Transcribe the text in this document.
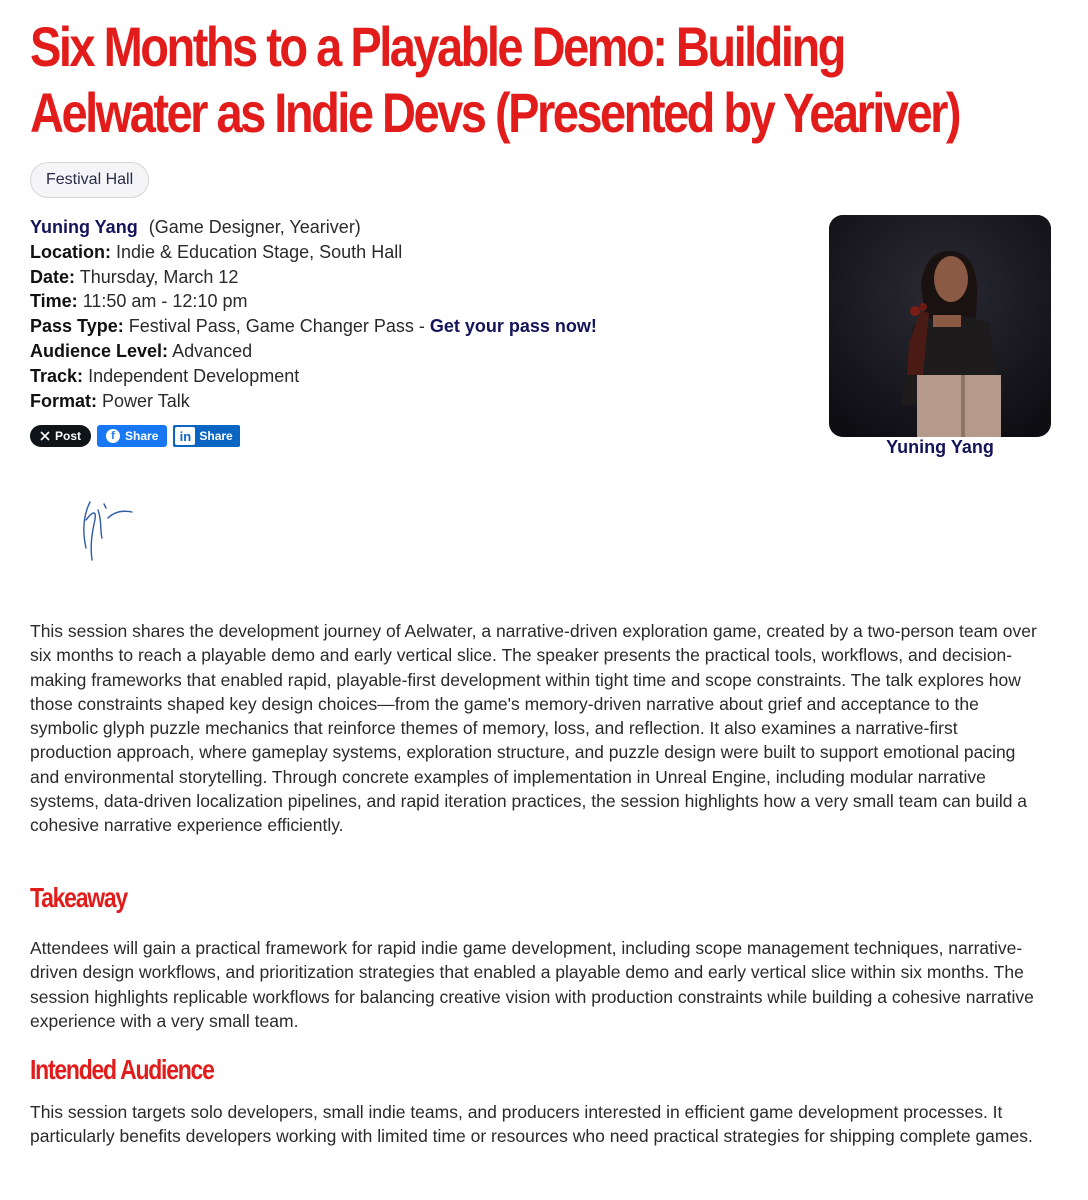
Six Months to a Playable Demo: Building Aelwater as Indie Devs (Presented by Yeariver)
Festival Hall
Yuning Yang (Game Designer, Yeariver)
Location: Indie & Education Stage, South Hall
Date: Thursday, March 12
Time: 11:50 am - 12:10 pm
Pass Type: Festival Pass, Game Changer Pass - Get your pass now!
Audience Level: Advanced
Track: Independent Development
Format: Power Talk
Post	f Share	in Share
Yuning Yang
This session shares the development journey of Aelwater, a narrative-driven exploration game, created by a two-person team over six months to reach a playable demo and early vertical slice. The speaker presents the practical tools, workflows, and decision-making frameworks that enabled rapid, playable-first development within tight time and scope constraints. The talk explores how those constraints shaped key design choices—from the game's memory-driven narrative about grief and acceptance to the symbolic glyph puzzle mechanics that reinforce themes of memory, loss, and reflection. It also examines a narrative-first production approach, where gameplay systems, exploration structure, and puzzle design were built to support emotional pacing and environmental storytelling. Through concrete examples of implementation in Unreal Engine, including modular narrative systems, data-driven localization pipelines, and rapid iteration practices, the session highlights how a very small team can build a cohesive narrative experience efficiently.
Takeaway
Attendees will gain a practical framework for rapid indie game development, including scope management techniques, narrative-driven design workflows, and prioritization strategies that enabled a playable demo and early vertical slice within six months. The session highlights replicable workflows for balancing creative vision with production constraints while building a cohesive narrative experience with a very small team.
Intended Audience
This session targets solo developers, small indie teams, and producers interested in efficient game development processes. It particularly benefits developers working with limited time or resources who need practical strategies for shipping complete games.
